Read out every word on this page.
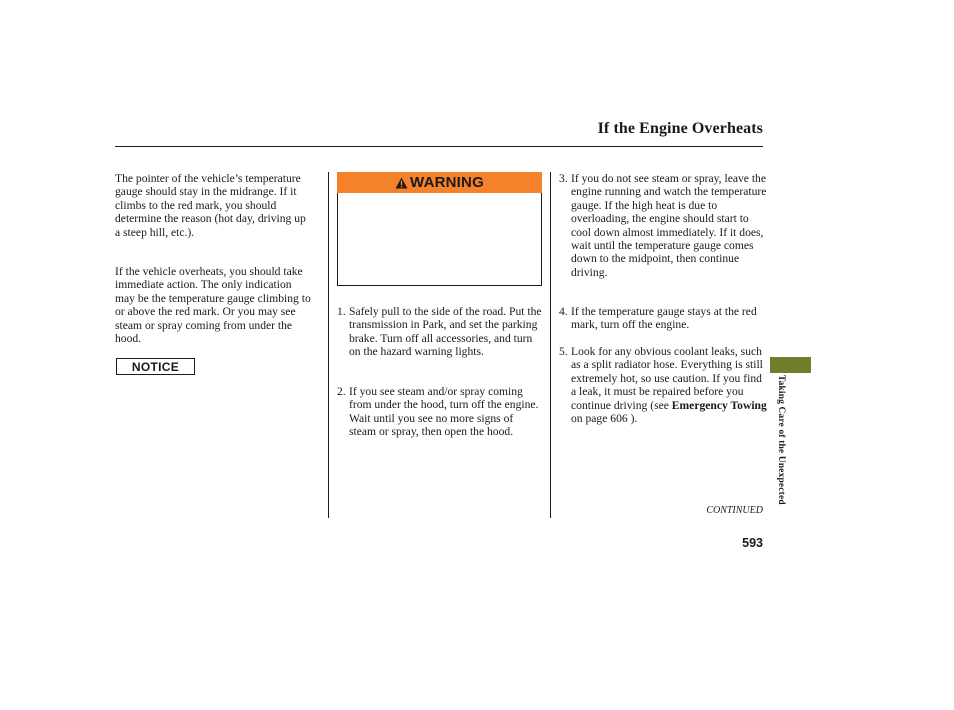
If the Engine Overheats
The pointer of the vehicle’s temperature gauge should stay in the midrange. If it climbs to the red mark, you should determine the reason (hot day, driving up a steep hill, etc.).
If the vehicle overheats, you should take immediate action. The only indication may be the temperature gauge climbing to or above the red mark. Or you may see steam or spray coming from under the hood.
NOTICE
WARNING
1. Safely pull to the side of the road. Put the transmission in Park, and set the parking brake. Turn off all accessories, and turn on the hazard warning lights.
2. If you see steam and/or spray coming from under the hood, turn off the engine. Wait until you see no more signs of steam or spray, then open the hood.
3. If you do not see steam or spray, leave the engine running and watch the temperature gauge. If the high heat is due to overloading, the engine should start to cool down almost immediately. If it does, wait until the temperature gauge comes down to the midpoint, then continue driving.
4. If the temperature gauge stays at the red mark, turn off the engine.
5. Look for any obvious coolant leaks, such as a split radiator hose. Everything is still extremely hot, so use caution. If you find a leak, it must be repaired before you continue driving (see Emergency Towing on page 606 ).	Taking Care of the Unexpected
CONTINUED
593
